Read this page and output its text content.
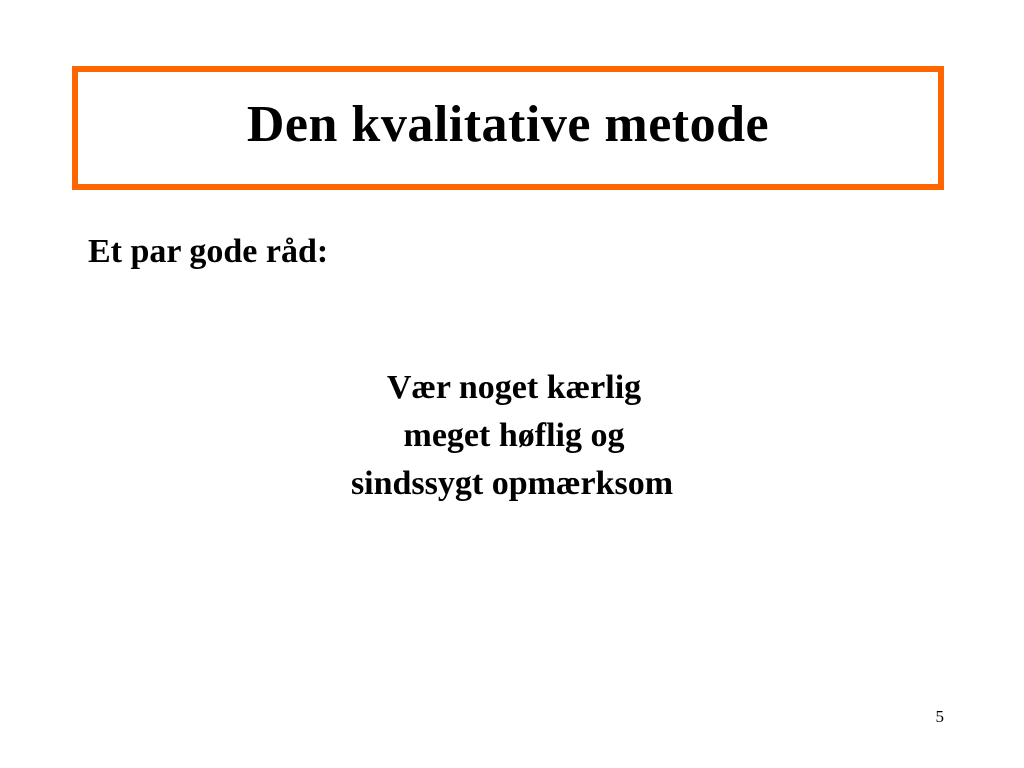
Den kvalitative metode
Et par gode råd:
Vær noget kærlig
meget høflig og
sindssygt opmærksom
5
